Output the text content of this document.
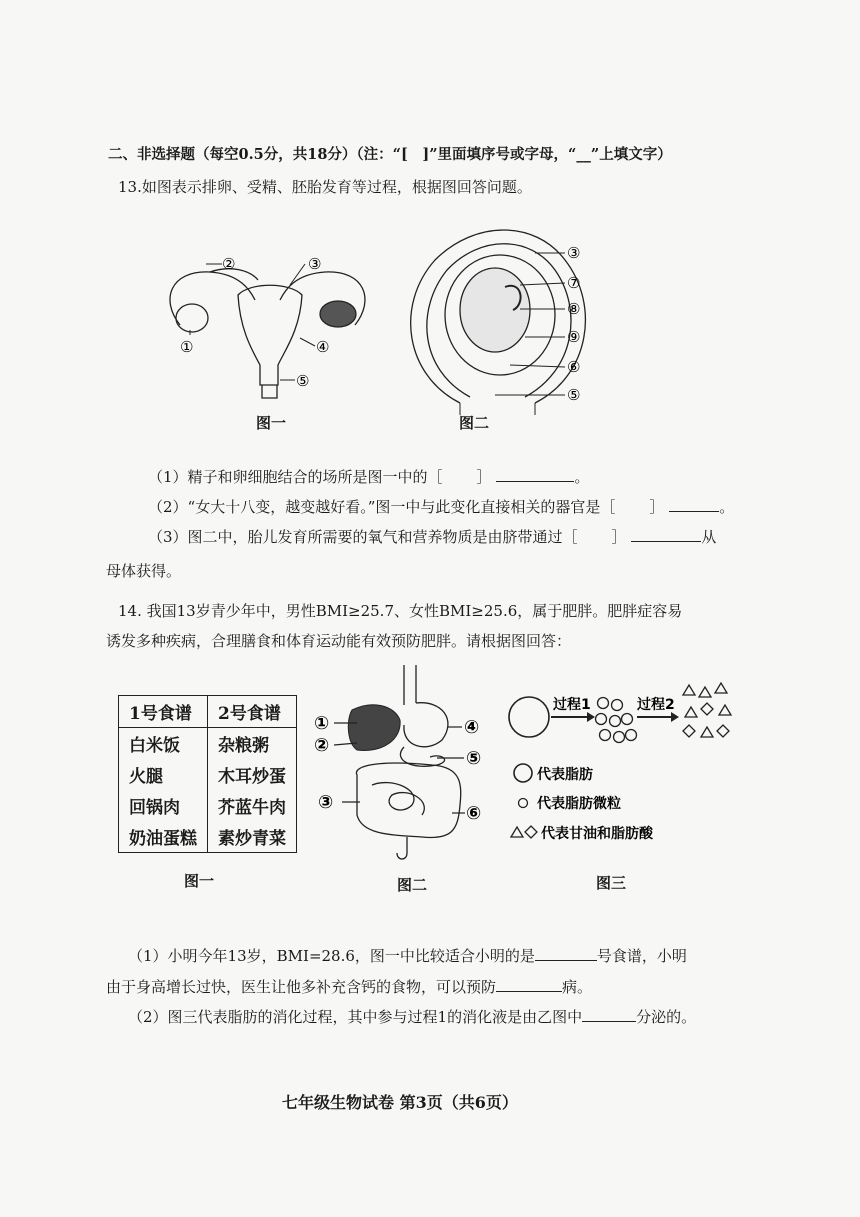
二、非选择题（每空0.5分，共18分）（注：“[　]”里面填序号或字母，“__”上填文字）
13.如图表示排卵、受精、胚胎发育等过程，根据图回答问题。
②	③
①	④
⑤
图一
③
⑦
⑧
⑨
⑥
⑤
图二
（1）精子和卵细胞结合的场所是图一中的［ ］	。
（2）“女大十八变，越变越好看。”图一中与此变化直接相关的器官是［ ］	。
（3）图二中，胎儿发育所需要的氧气和营养物质是由脐带通过［ ］	从
母体获得。
14. 我国13岁青少年中，男性BMI≥25.7、女性BMI≥25.6，属于肥胖。肥胖症容易
诱发多种疾病，合理膳食和体育运动能有效预防肥胖。请根据图回答：
1号食谱	2号食谱
白米饭	杂粮粥
火腿	木耳炒蛋
回锅肉	芥蓝牛肉
奶油蛋糕	素炒青菜
图一
①
②
③
④
⑤
⑥
图二
过程1	过程2
代表脂肪
代表脂肪微粒
代表甘油和脂肪酸
图三
（1）小明今年13岁，BMI=28.6，图一中比较适合小明的是	号食谱，小明
由于身高增长过快，医生让他多补充含钙的食物，可以预防	病。
（2）图三代表脂肪的消化过程，其中参与过程1的消化液是由乙图中	分泌的。
七年级生物试卷 第3页（共6页）
